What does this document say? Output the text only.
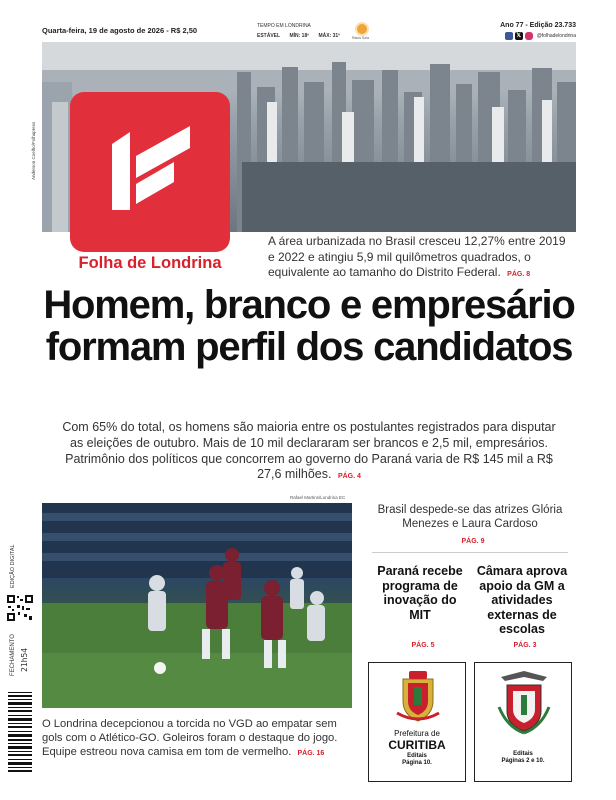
Quarta-feira, 19 de agosto de 2026 - R$ 2,50	TEMPO EM LONDRINA
ESTÁVEL MÍN: 18º MÁX: 31º	Raios Sola
Ano 77 - Edição 23.733
𝕏	@folhadelondrina
Anderson Coelho/Folhapress
Folha de Londrina
A área urbanizada no Brasil cresceu 12,27% entre 2019 e 2022 e atingiu 5,9 mil quilômetros quadrados, o equivalente ao tamanho do Distrito Federal. PÁG. 8
Homem, branco e empresário formam perfil dos candidatos
Com 65% do total, os homens são maioria entre os postulantes registrados para disputar as eleições de outubro. Mais de 10 mil declararam ser brancos e 2,5 mil, empresários. Patrimônio dos políticos que concorrem ao governo do Paraná varia de R$ 145 mil a R$ 27,6 milhões. PÁG. 4
EDIÇÃO DIGITAL
FECHAMENTO 21h54
Rafael Martins/Londrina EC
O Londrina decepcionou a torcida no VGD ao empatar sem gols com o Atlético-GO. Goleiros foram o destaque do jogo. Equipe estreou nova camisa em tom de vermelho. PÁG. 16
Brasil despede-se das atrizes Glória Menezes e Laura Cardoso
PÁG. 9
Paraná recebe programa de inovação do MIT
PÁG. 5
Câmara aprova apoio da GM a atividades externas de escolas
PÁG. 3
Prefeitura de
CURITIBA
Editais
Página 10.
Editais
Páginas 2 e 10.
